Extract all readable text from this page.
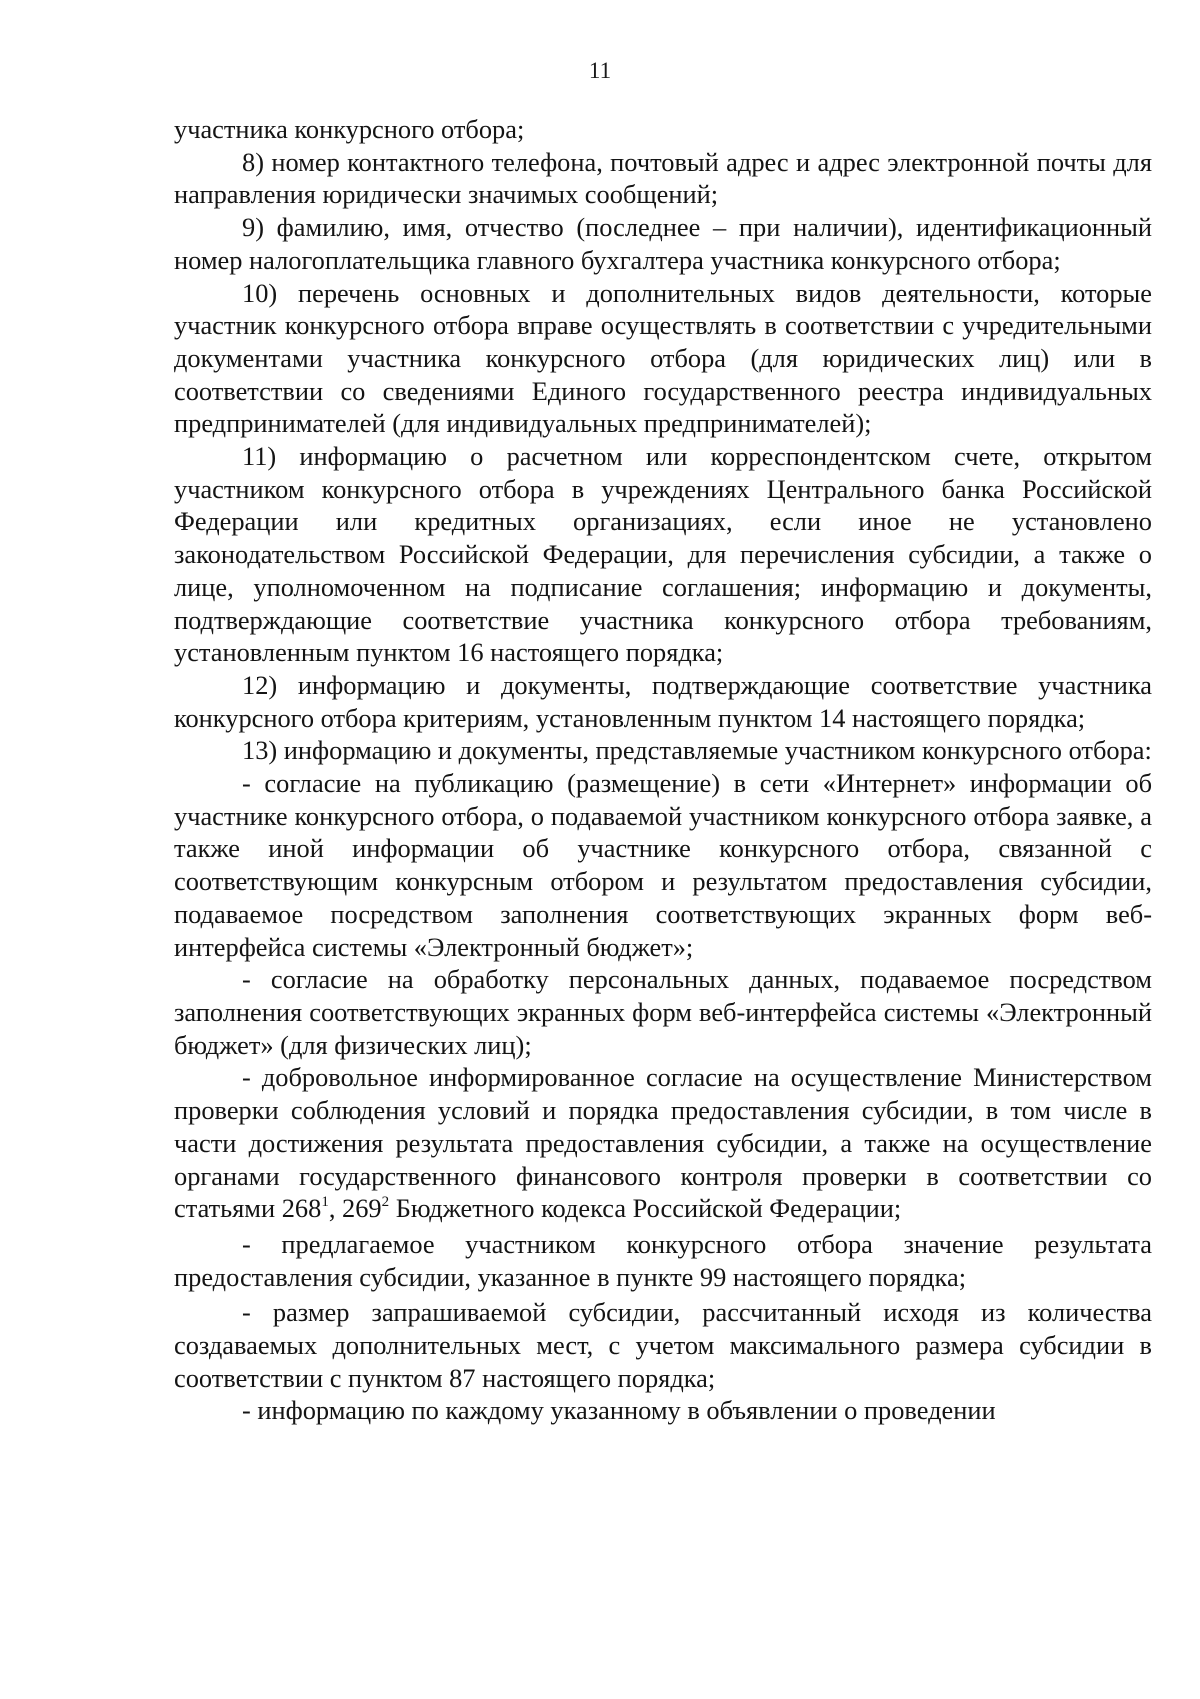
11

участника конкурсного отбора;

8) номер контактного телефона, почтовый адрес и адрес электронной почты для направления юридически значимых сообщений;

9) фамилию, имя, отчество (последнее – при наличии), идентификационный номер налогоплательщика главного бухгалтера участника конкурсного отбора;

10) перечень основных и дополнительных видов деятельности, которые участник конкурсного отбора вправе осуществлять в соответствии с учредительными документами участника конкурсного отбора (для юридических лиц) или в соответствии со сведениями Единого государственного реестра индивидуальных предпринимателей (для индивидуальных предпринимателей);

11) информацию о расчетном или корреспондентском счете, открытом участником конкурсного отбора в учреждениях Центрального банка Российской Федерации или кредитных организациях, если иное не установлено законодательством Российской Федерации, для перечисления субсидии, а также о лице, уполномоченном на подписание соглашения; информацию и документы, подтверждающие соответствие участника конкурсного отбора требованиям, установленным пунктом 16 настоящего порядка;

12) информацию и документы, подтверждающие соответствие участника конкурсного отбора критериям, установленным пунктом 14 настоящего порядка;

13) информацию и документы, представляемые участником конкурсного отбора:

- согласие на публикацию (размещение) в сети «Интернет» информации об участнике конкурсного отбора, о подаваемой участником конкурсного отбора заявке, а также иной информации об участнике конкурсного отбора, связанной с соответствующим конкурсным отбором и результатом предоставления субсидии, подаваемое посредством заполнения соответствующих экранных форм веб-интерфейса системы «Электронный бюджет»;

- согласие на обработку персональных данных, подаваемое посредством заполнения соответствующих экранных форм веб-интерфейса системы «Электронный бюджет» (для физических лиц);

- добровольное информированное согласие на осуществление Министерством проверки соблюдения условий и порядка предоставления субсидии, в том числе в части достижения результата предоставления субсидии, а также на осуществление органами государственного финансового контроля проверки в соответствии со статьями $268^1$, $269^2$ Бюджетного кодекса Российской Федерации;

- предлагаемое участником конкурсного отбора значение результата предоставления субсидии, указанное в пункте 99 настоящего порядка;

- размер запрашиваемой субсидии, рассчитанный исходя из количества создаваемых дополнительных мест, с учетом максимального размера субсидии в соответствии с пунктом 87 настоящего порядка;

- информацию по каждому указанному в объявлении о проведении
